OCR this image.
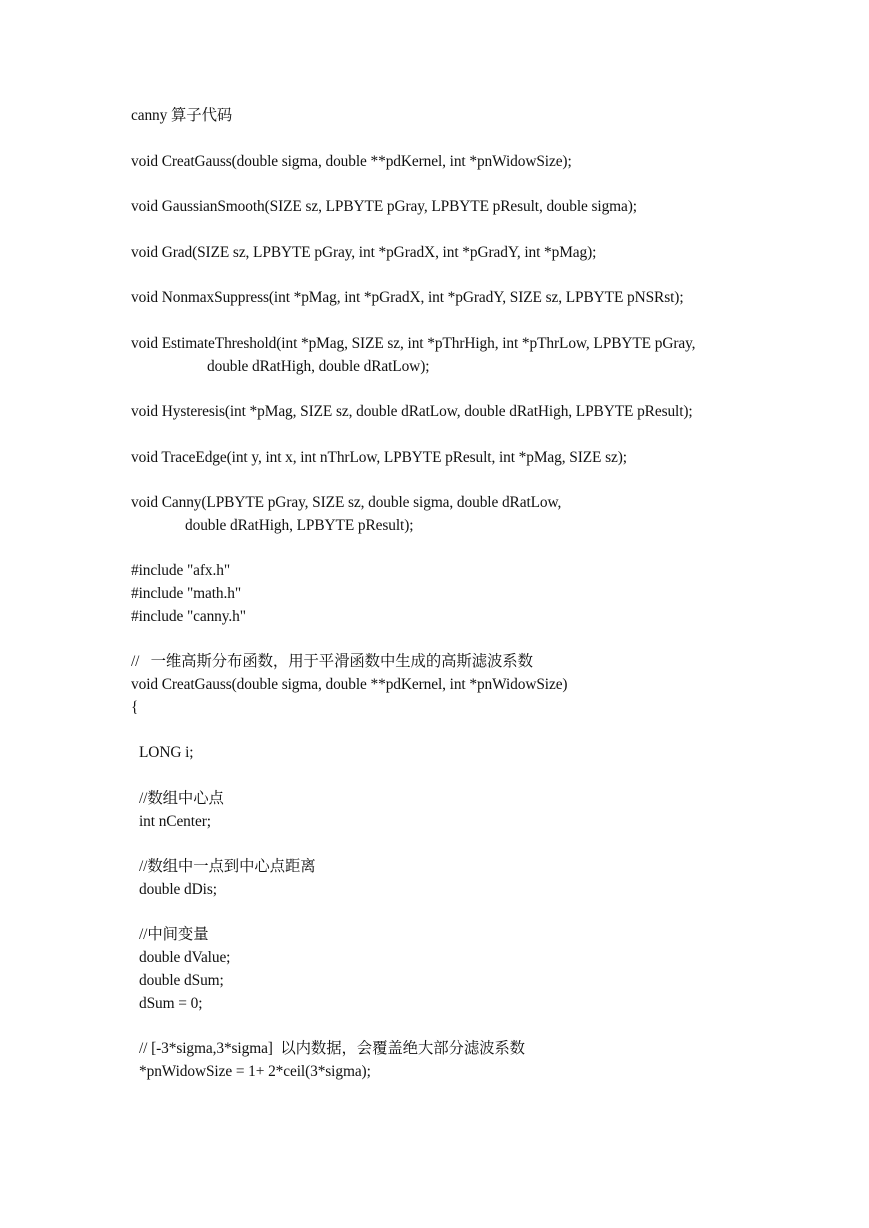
canny 算子代码
void CreatGauss(double sigma, double **pdKernel, int *pnWidowSize);
void GaussianSmooth(SIZE sz, LPBYTE pGray, LPBYTE pResult, double sigma);
void Grad(SIZE sz, LPBYTE pGray, int *pGradX, int *pGradY, int *pMag);
void NonmaxSuppress(int *pMag, int *pGradX, int *pGradY, SIZE sz, LPBYTE pNSRst);
void EstimateThreshold(int *pMag, SIZE sz, int *pThrHigh, int *pThrLow, LPBYTE pGray,
double dRatHigh, double dRatLow);
void Hysteresis(int *pMag, SIZE sz, double dRatLow, double dRatHigh, LPBYTE pResult);
void TraceEdge(int y, int x, int nThrLow, LPBYTE pResult, int *pMag, SIZE sz);
void Canny(LPBYTE pGray, SIZE sz, double sigma, double dRatLow,
double dRatHigh, LPBYTE pResult);
#include "afx.h"
#include "math.h"
#include "canny.h"
//   一维高斯分布函数，用于平滑函数中生成的高斯滤波系数
void CreatGauss(double sigma, double **pdKernel, int *pnWidowSize)
{
LONG i;
//数组中心点
int nCenter;
//数组中一点到中心点距离
double dDis;
//中间变量
double dValue;
double dSum;
dSum = 0;
// [-3*sigma,3*sigma]  以内数据，会覆盖绝大部分滤波系数
*pnWidowSize = 1+ 2*ceil(3*sigma);
